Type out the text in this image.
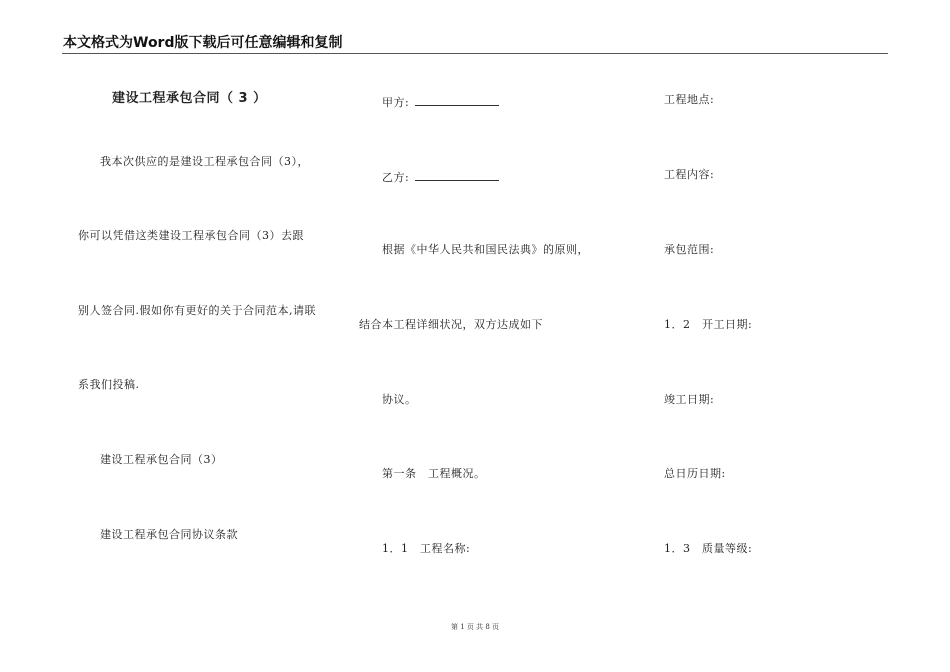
本文格式为Word版下载后可任意编辑和复制
建设工程承包合同（ 3 ）
我本次供应的是建设工程承包合同（3），
你可以凭借这类建设工程承包合同（3）去跟
别人签合同.假如你有更好的关于合同范本,请联
系我们投稿.
建设工程承包合同（3）
建设工程承包合同协议条款
甲方:
乙方:
根据《中华人民共和国民法典》的原则，
结合本工程详细状况，双方达成如下
协议。
第一条　工程概况。
1．1　工程名称:
工程地点:
工程内容:
承包范围:
1．2　开工日期:
竣工日期:
总日历日期:
1．3　质量等级:
第 1 页 共 8 页
